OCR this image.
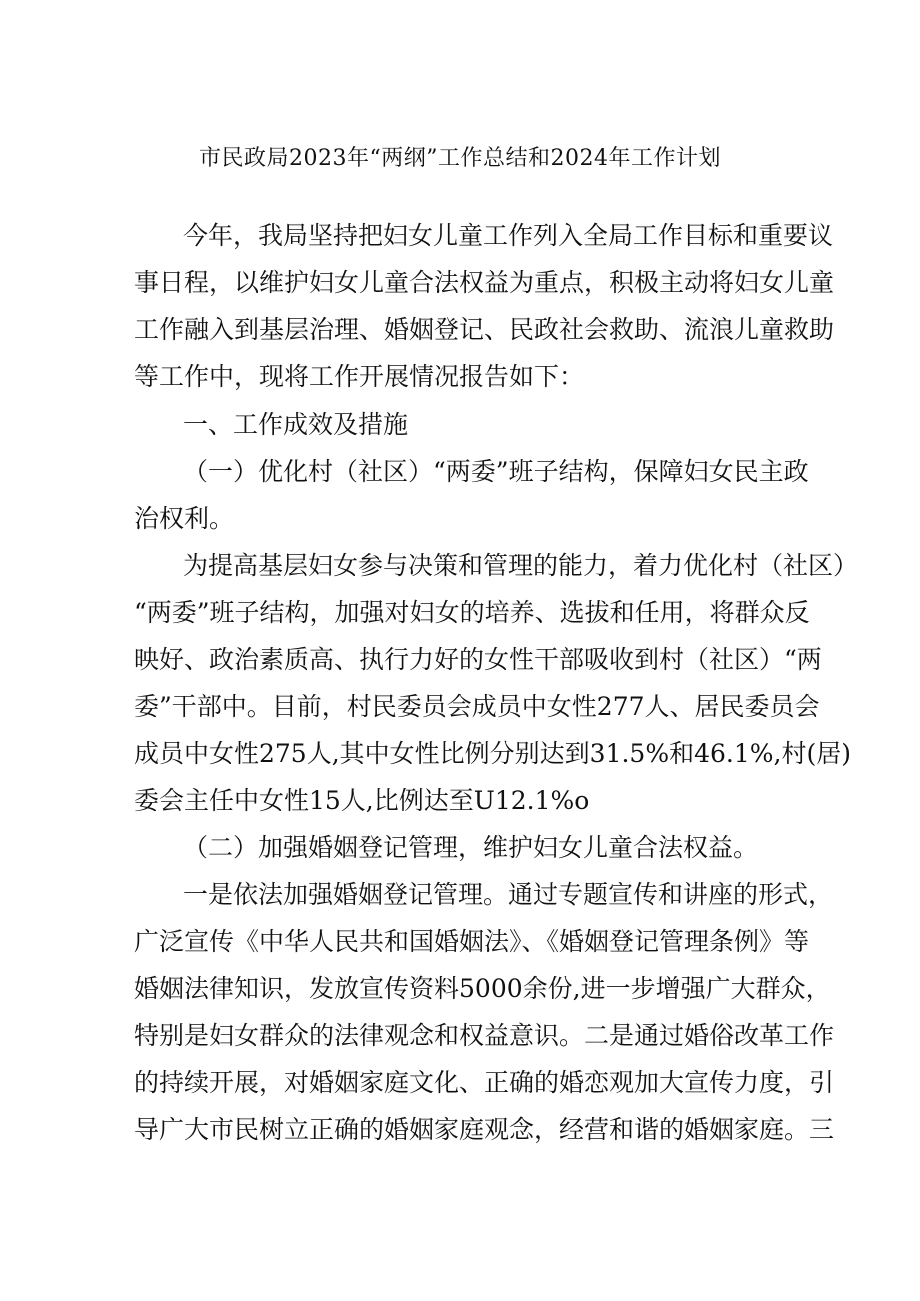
市民政局2023年“两纲”工作总结和2024年工作计划
今年，我局坚持把妇女儿童工作列入全局工作目标和重要议
事日程，以维护妇女儿童合法权益为重点，积极主动将妇女儿童
工作融入到基层治理、婚姻登记、民政社会救助、流浪儿童救助
等工作中，现将工作开展情况报告如下：
一、工作成效及措施
（一）优化村（社区）“两委”班子结构，保障妇女民主政
治权利。
为提高基层妇女参与决策和管理的能力，着力优化村（社区）
“两委”班子结构，加强对妇女的培养、选拔和任用，将群众反
映好、政治素质高、执行力好的女性干部吸收到村（社区）“两
委”干部中。目前，村民委员会成员中女性277人、居民委员会
成员中女性275人,其中女性比例分别达到31.5%和46.1%,村(居)
委会主任中女性15人,比例达至U12.1%o
（二）加强婚姻登记管理，维护妇女儿童合法权益。
一是依法加强婚姻登记管理。通过专题宣传和讲座的形式，
广泛宣传《中华人民共和国婚姻法》、《婚姻登记管理条例》等
婚姻法律知识，发放宣传资料5000余份,进一步增强广大群众，
特别是妇女群众的法律观念和权益意识。二是通过婚俗改革工作
的持续开展，对婚姻家庭文化、正确的婚恋观加大宣传力度，引
导广大市民树立正确的婚姻家庭观念，经营和谐的婚姻家庭。三
